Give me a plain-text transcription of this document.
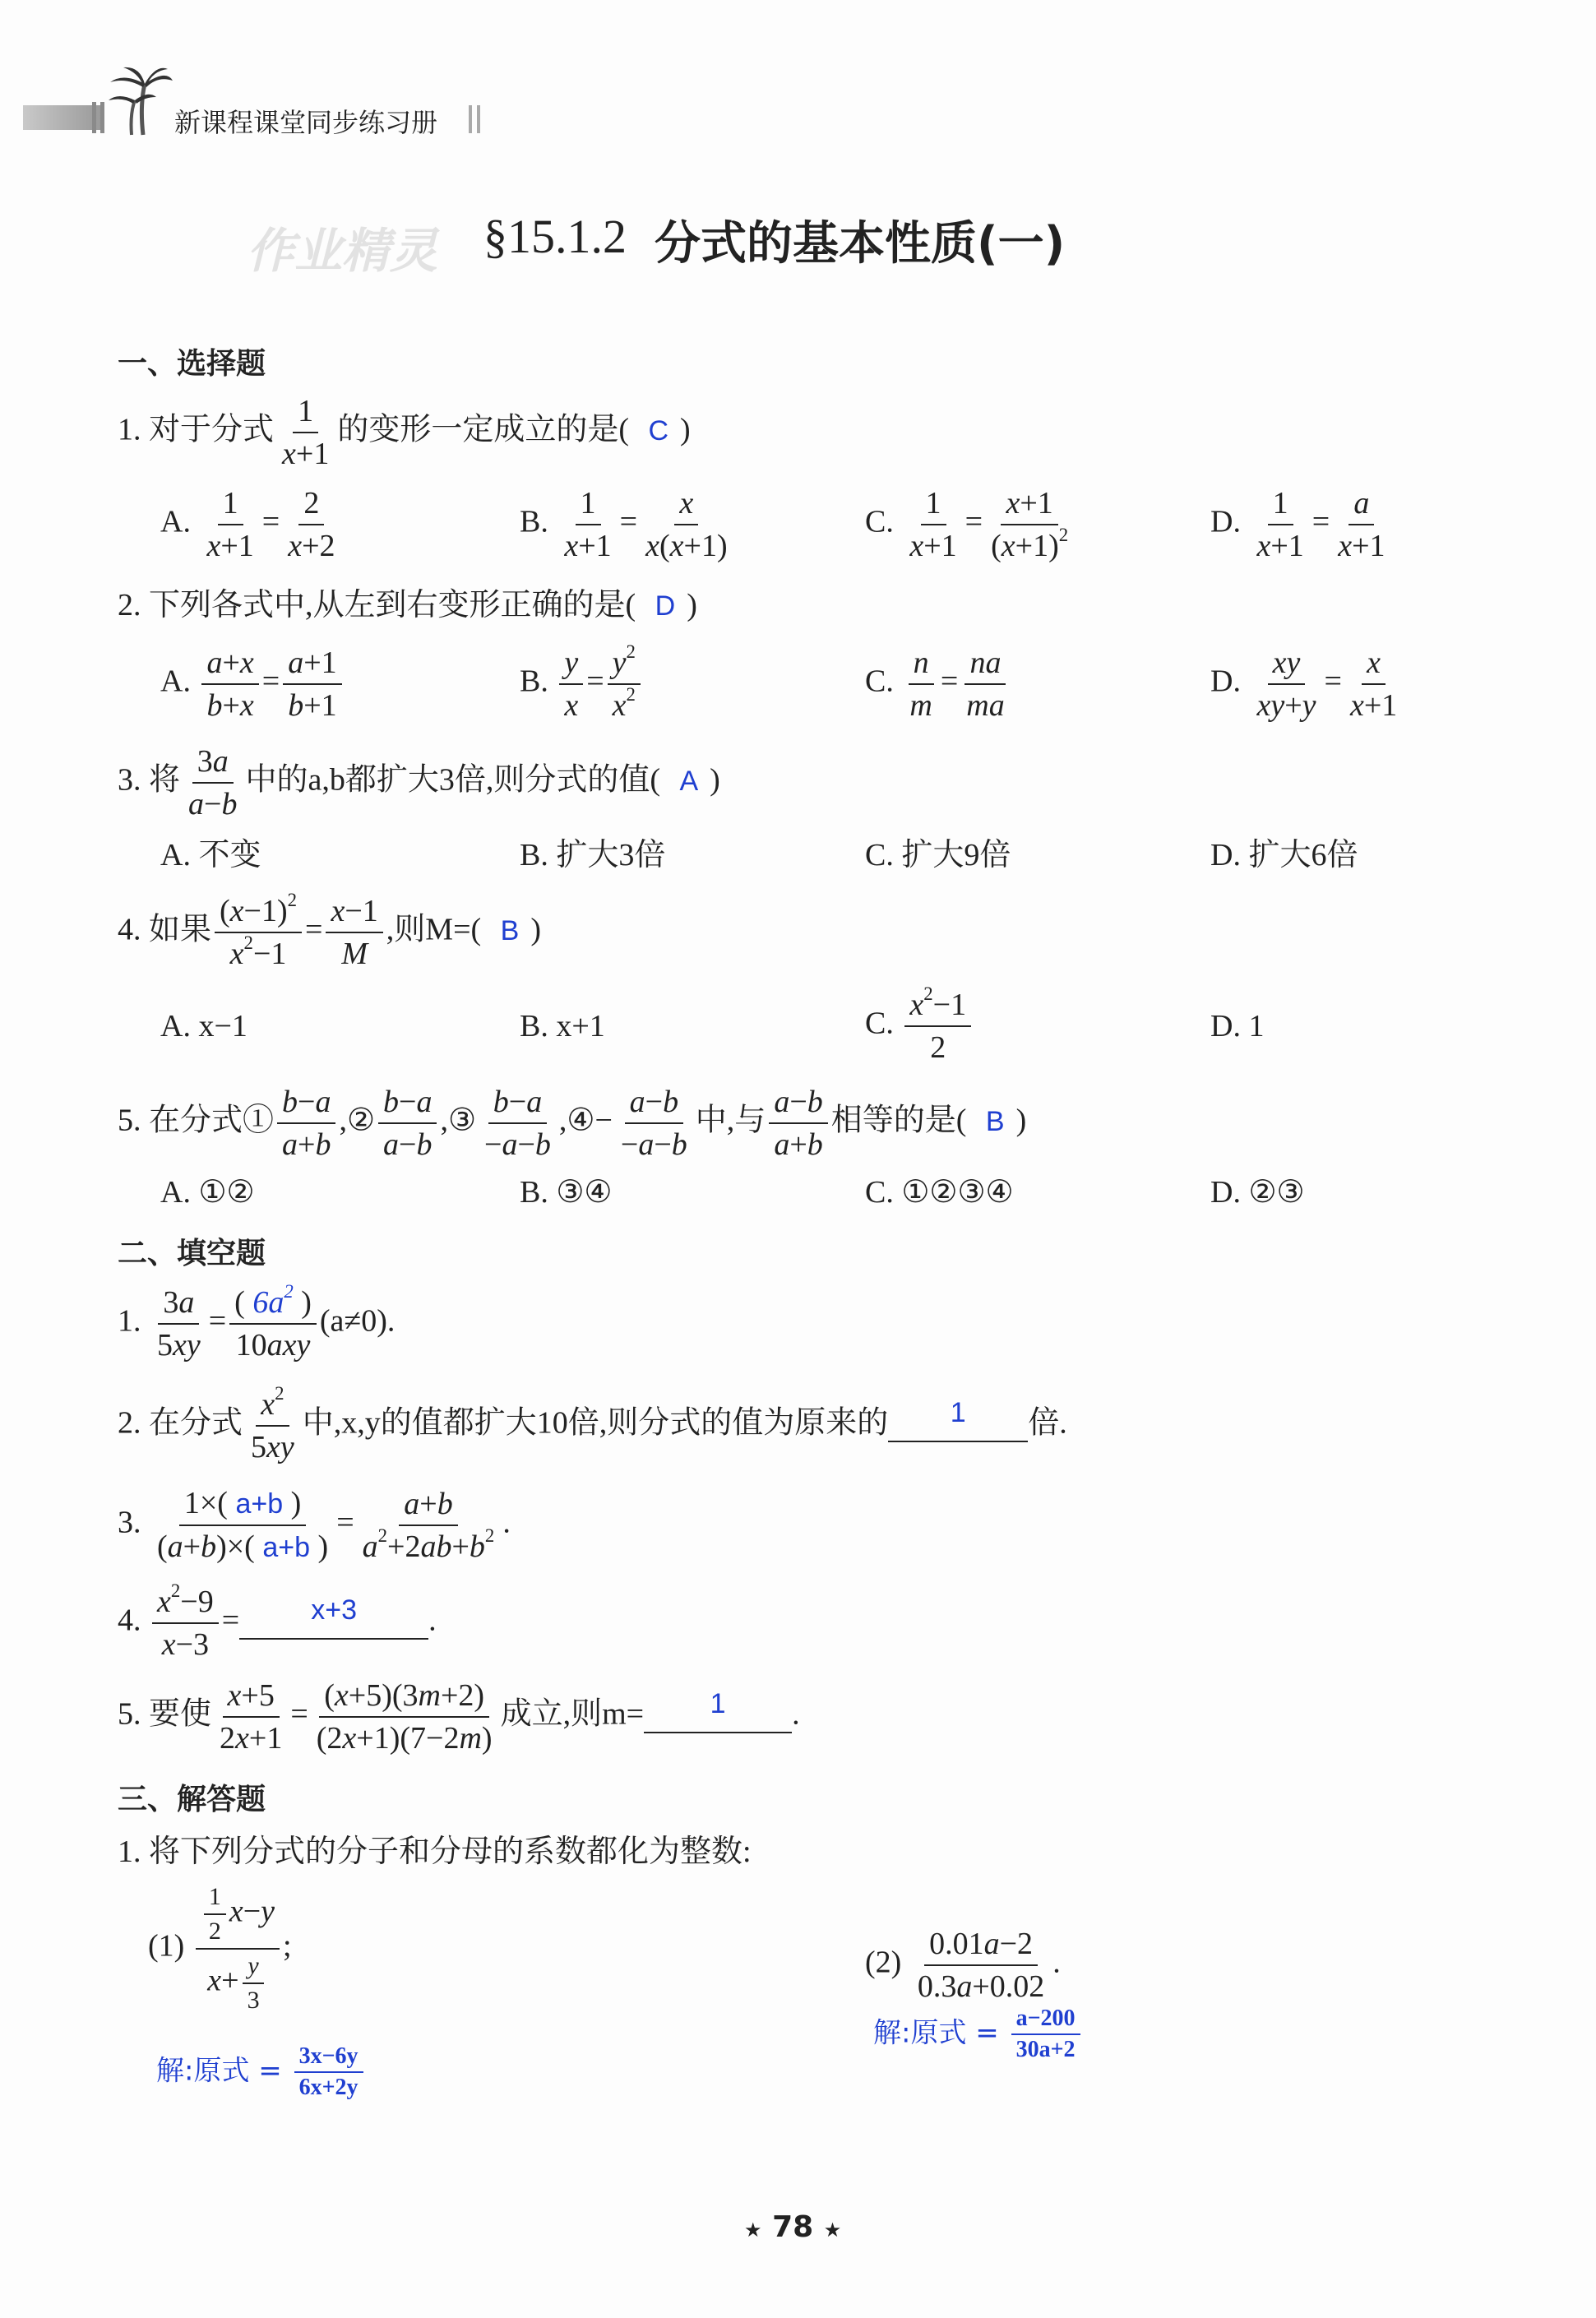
新课程课堂同步练习册
作业精灵 §15.1.2 分式的基本性质(一)
一、选择题
1. 对于分式 $\frac{1}{x+1}$ 的变形一定成立的是( C )
A. $\frac{1}{x+1} = \frac{2}{x+2}$	B. $\frac{1}{x+1} = \frac{x}{x(x+1)}$	C. $\frac{1}{x+1} = \frac{x+1}{(x+1)^2}$	D. $\frac{1}{x+1} = \frac{a}{x+1}$
2. 下列各式中,从左到右变形正确的是( D )
A. $\frac{a+x}{b+x} = \frac{a+1}{b+1}$	B. $\frac{y}{x} = \frac{y^2}{x^2}$	C. $\frac{n}{m} = \frac{na}{ma}$	D. $\frac{xy}{xy+y} = \frac{x}{x+1}$
3. 将 $\frac{3a}{a-b}$ 中的a,b都扩大3倍,则分式的值( A )
A. 不变	B. 扩大3倍	C. 扩大9倍	D. 扩大6倍
4. 如果 $\frac{(x-1)^2}{x^2-1} = \frac{x-1}{M}$ ,则M=( B )
A. x−1	B. x+1	C. $\frac{x^2-1}{2}$	D. 1
5. 在分式① $\frac{b-a}{a+b}$ ,② $\frac{b-a}{a-b}$ ,③ $\frac{b-a}{-a-b}$ ,④− $\frac{a-b}{-a-b}$ 中,与 $\frac{a-b}{a+b}$ 相等的是( B )
A. ①②	B. ③④	C. ①②③④	D. ②③
二、填空题
1. $\frac{3a}{5xy} = \frac{( 6a^2 )}{\text{10axy}} (a\ne 0)$.
2. 在分式 $\frac{x^2}{5xy}$ 中,x,y的值都扩大10倍,则分式的值为原来的 1 倍.
3. $\frac{1\times( a+b )}{(a+b)\times( a+b )} = \frac{a+b}{a^2+2ab+b^2}$ .
4. $\frac{x^2-9}{x-3}$ =	x+3 .
5. 要使 $\frac{x+5}{2x+1} = \frac{(x+5)(3m+2)}{(2x+1)(7-2m)}$ 成立,则m= 1 .
三、解答题
1. 将下列分式的分子和分母的系数都化为整数:
$(1) \frac{\frac{1}{2} x-y}{x+ \frac{y}{3}}$ ;
解:原式 = $\frac{3x-6y}{6x+2y}$
$(2) \frac{0.01a-2}{0.3a+0.02}$ .
解:原式 = $\frac{a-200}{30a+2}$
★ 78 ★
